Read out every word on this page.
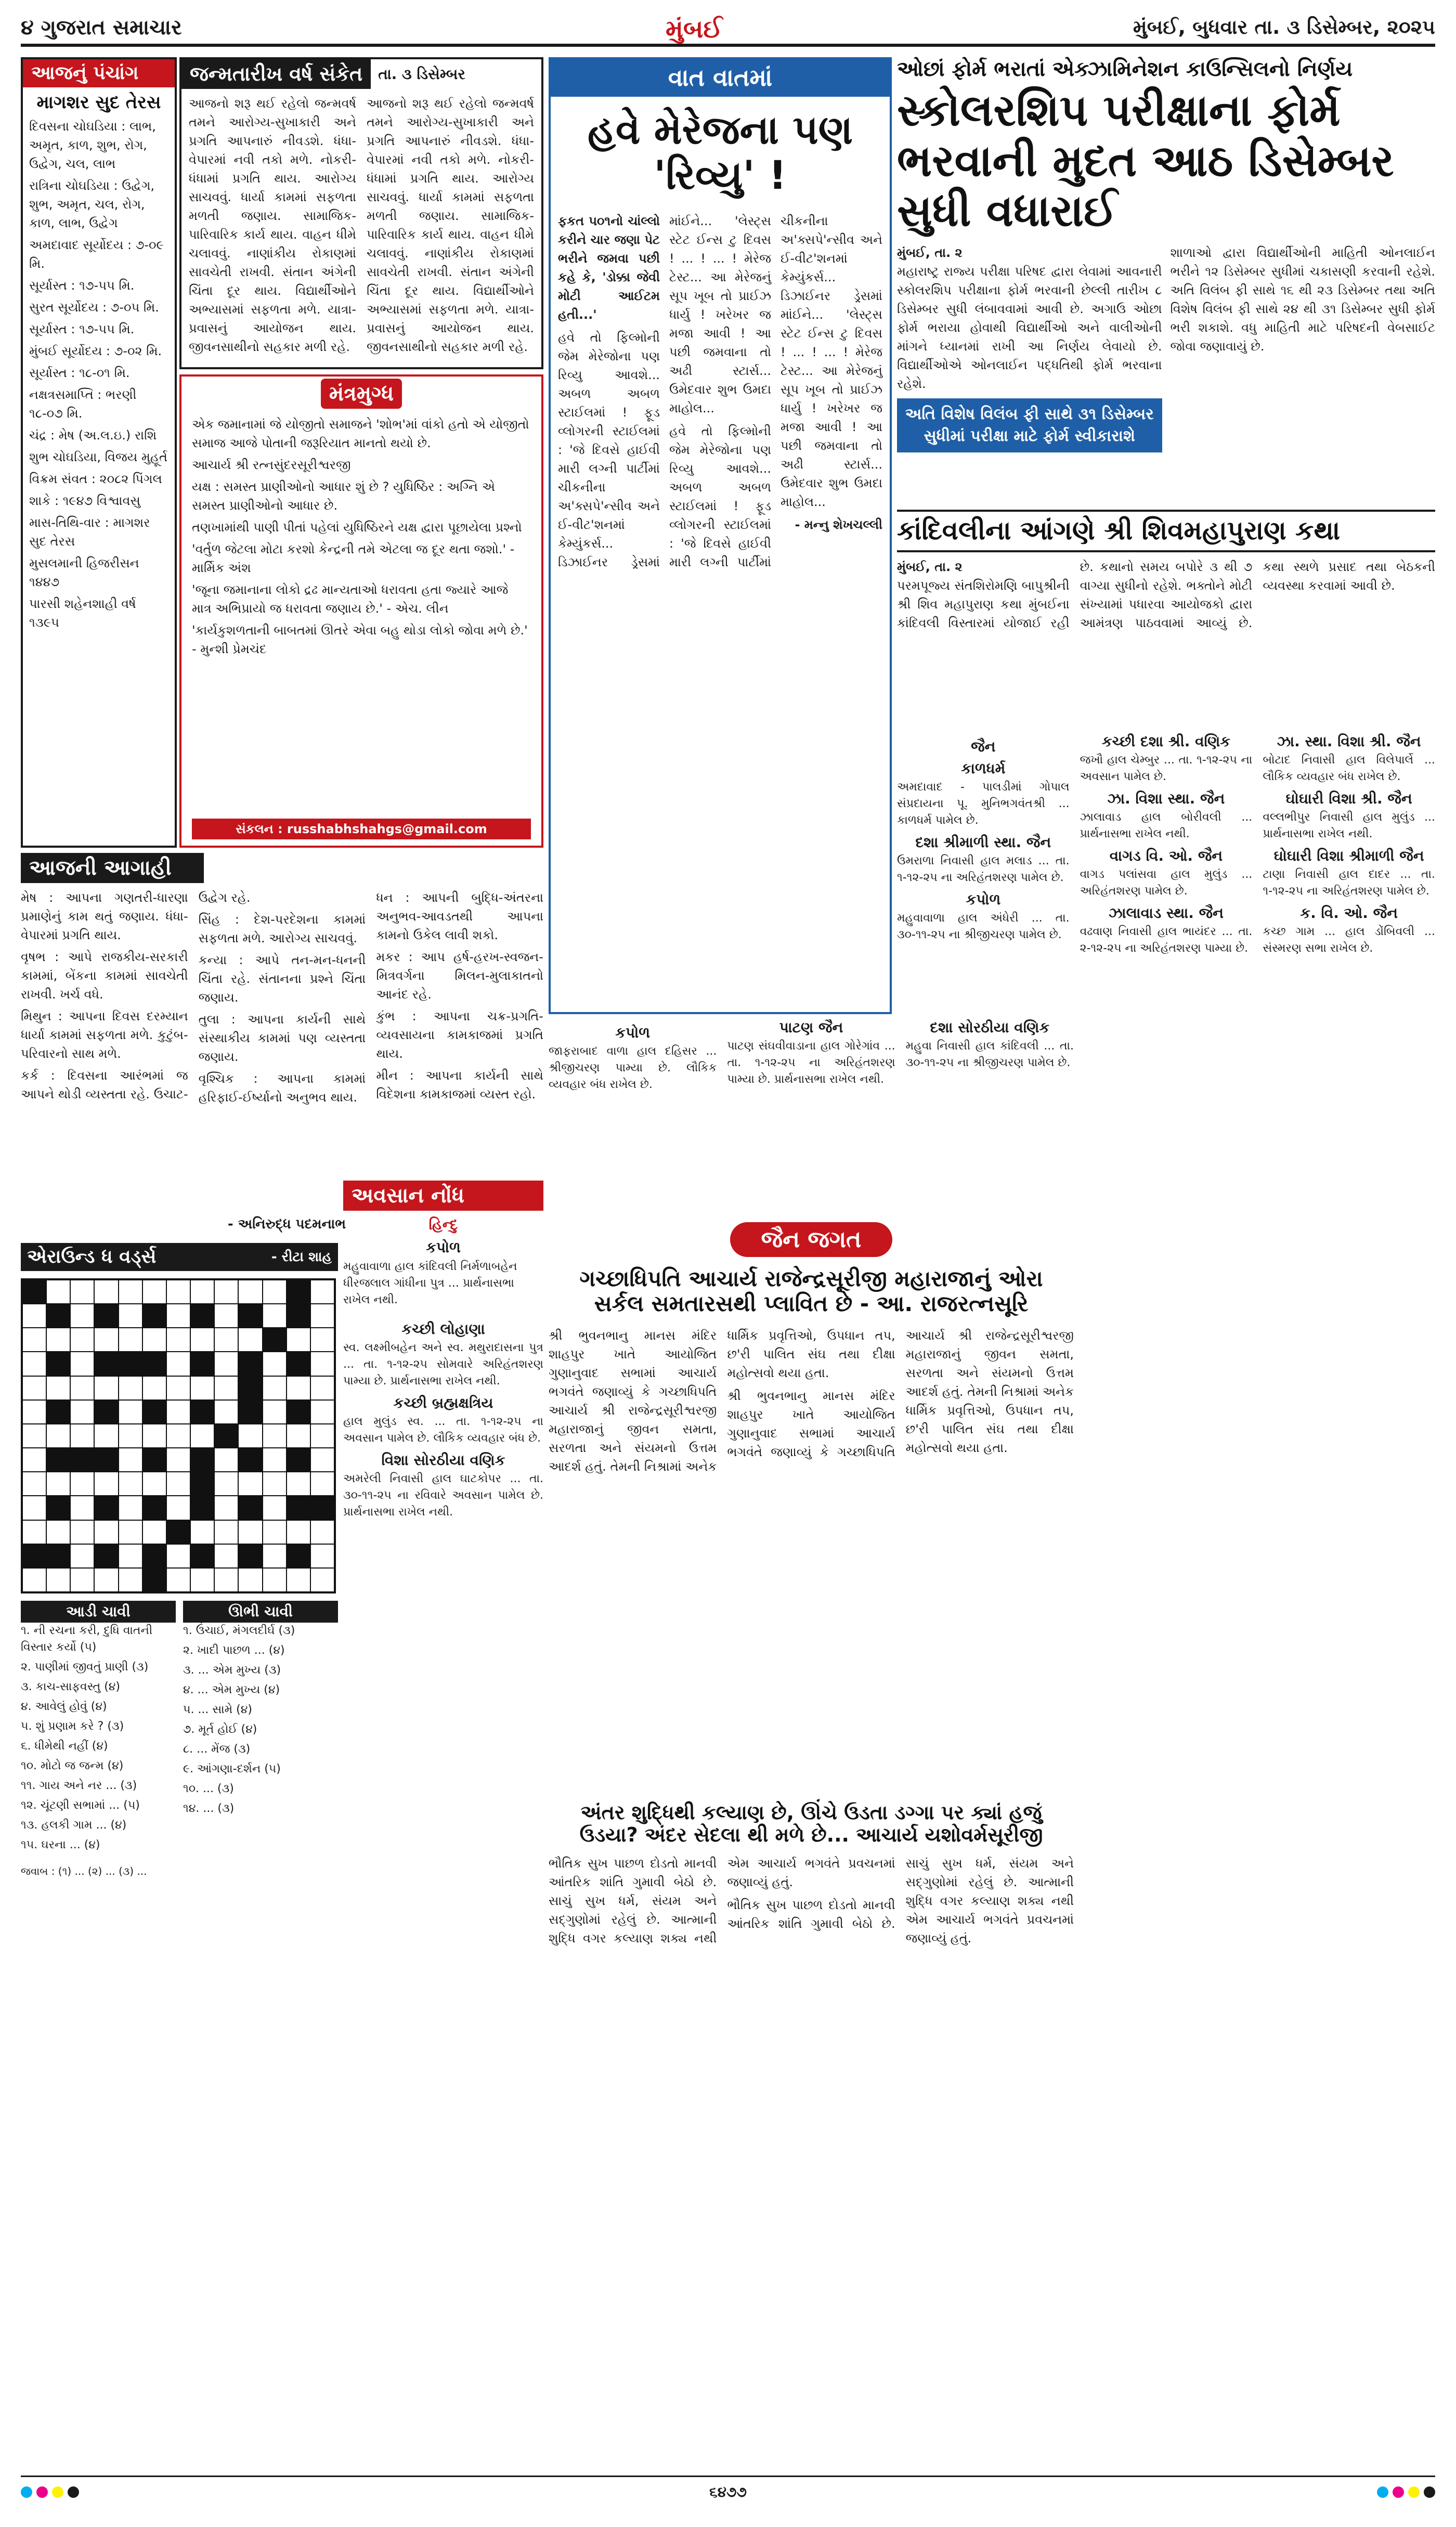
૪ ગુજરાત સમાચાર	મુંબઈ	મુંબઈ, બુધવાર તા. ૩ ડિસેમ્બર, ૨૦૨૫
આજનું પંચાંગ
માગશર સુદ તેરસ
દિવસના ચોઘડિયા : લાભ, અમૃત, કાળ, શુભ, રોગ, ઉદ્વેગ, ચલ, લાભ
રાત્રિના ચોઘડિયા : ઉદ્વેગ, શુભ, અમૃત, ચલ, રોગ, કાળ, લાભ, ઉદ્વેગ
અમદાવાદ સૂર્યોદય : ૭-૦૯ મિ.
સૂર્યાસ્ત : ૧૭-૫૫ મિ.
સુરત સૂર્યોદય : ૭-૦૫ મિ.
સૂર્યાસ્ત : ૧૭-૫૫ મિ.
મુંબઈ સૂર્યોદય : ૭-૦૨ મિ.
સૂર્યાસ્ત : ૧૮-૦૧ મિ.
નક્ષત્રસમાપ્તિ : ભરણી ૧૮-૦૭ મિ.
ચંદ્ર : મેષ (અ.લ.ઇ.) રાશિ
શુભ ચોઘડિયા, વિજય મુહૂર્ત
વિક્રમ સંવત : ૨૦૮૨ પિંગલ
શાકે : ૧૯૪૭ વિશ્વાવસુ
માસ-તિથિ-વાર : માગશર સુદ તેરસ
મુસલમાની હિજરીસન ૧૪૪૭
પારસી શહેનશાહી વર્ષ ૧૩૯૫
જન્મતારીખ વર્ષ સંકેત	તા. ૩ ડિસેમ્બર

આજનો શરૂ થઈ રહેલો જન્મવર્ષ તમને આરોગ્ય-સુખાકારી અને પ્રગતિ આપનારું નીવડશે. ધંધા-વેપારમાં નવી તકો મળે. નોકરી-ધંધામાં પ્રગતિ થાય. આરોગ્ય સાચવવું. ધાર્યા કામમાં સફળતા મળતી જણાય. સામાજિક-પારિવારિક કાર્ય થાય. વાહન ધીમે ચલાવવું. નાણાંકીય રોકાણમાં સાવચેતી રાખવી. સંતાન અંગેની ચિંતા દૂર થાય. વિદ્યાર્થીઓને અભ્યાસમાં સફળતા મળે. યાત્રા-પ્રવાસનું આયોજન થાય. જીવનસાથીનો સહકાર મળી રહે.

આજનો શરૂ થઈ રહેલો જન્મવર્ષ તમને આરોગ્ય-સુખાકારી અને પ્રગતિ આપનારું નીવડશે. ધંધા-વેપારમાં નવી તકો મળે. નોકરી-ધંધામાં પ્રગતિ થાય. આરોગ્ય સાચવવું. ધાર્યા કામમાં સફળતા મળતી જણાય. સામાજિક-પારિવારિક કાર્ય થાય. વાહન ધીમે ચલાવવું. નાણાંકીય રોકાણમાં સાવચેતી રાખવી. સંતાન અંગેની ચિંતા દૂર થાય. વિદ્યાર્થીઓને અભ્યાસમાં સફળતા મળે. યાત્રા-પ્રવાસનું આયોજન થાય. જીવનસાથીનો સહકાર મળી રહે.

મંત્રમુગ્ધ
એક જમાનામાં જે યોજીતો સમાજને 'શોભ'માં વાંકો હતો એ યોજીતો સમાજ આજે પોતાની જરૂરિયાત માનતો થયો છે.
આચાર્ય શ્રી રત્નસુંદરસૂરીશ્વરજી
યક્ષ : સમસ્ત પ્રાણીઓનો આધાર શું છે ? યુધિષ્ઠિર : અગ્નિ એ સમસ્ત પ્રાણીઓનો આધાર છે.
તણખામાંથી પાણી પીતાં પહેલાં યુધિષ્ઠિરને યક્ષ દ્વારા પૂછાયેલા પ્રશ્નો
'વર્તુળ જેટલા મોટા કરશો કેન્દ્રની તમે એટલા જ દૂર થતા જશો.' - માર્મિક અંશ
'જૂના જમાનાના લોકો દ્રઢ માન્યતાઓ ધરાવતા હતા જ્યારે આજે માત્ર અભિપ્રાયો જ ધરાવતા જણાય છે.' - એચ. લીન
'કાર્યકુશળતાની બાબતમાં ઊતરે એવા બહુ થોડા લોકો જોવા મળે છે.' - મુન્શી પ્રેમચંદ
સંકલન : russhabhshahgs@gmail.com
આજની આગાહી
મેષ : આપના ગણતરી-ધારણા પ્રમાણેનું કામ થતું જણાય. ધંધા-વેપારમાં પ્રગતિ થાય.
વૃષભ : આપે રાજકીય-સરકારી કામમાં, બેંકના કામમાં સાવચેતી રાખવી. ખર્ચ વધે.
મિથુન : આપના દિવસ દરમ્યાન ધાર્યા કામમાં સફળતા મળે. કુટુંબ-પરિવારનો સાથ મળે.
કર્ક : દિવસના આરંભમાં જ આપને થોડી વ્યસ્તતા રહે. ઉચાટ-ઉદ્વેગ રહે.
સિંહ : દેશ-પરદેશના કામમાં સફળતા મળે. આરોગ્ય સાચવવું.
કન્યા : આપે તન-મન-ધનની ચિંતા રહે. સંતાનના પ્રશ્ને ચિંતા જણાય.
તુલા : આપના કાર્યની સાથે સંસ્થાકીય કામમાં પણ વ્યસ્તતા જણાય.
વૃશ્ચિક : આપના કામમાં હરિફાઈ-ઈર્ષ્યાનો અનુભવ થાય.
ધન : આપની બુદ્ધિ-અંતરના અનુભવ-આવડતથી આપના કામનો ઉકેલ લાવી શકો.
મકર : આપ હર્ષ-હરખ-સ્વજન-મિત્રવર્ગના મિલન-મુલાકાતનો આનંદ રહે.
કુંભ : આપના ચક્ર-પ્રગતિ-વ્યવસાયના કામકાજમાં પ્રગતિ થાય.
મીન : આપના કાર્યની સાથે વિદેશના કામકાજમાં વ્યસ્ત રહો.
- અનિરુદ્ધ પદમનાભ
અવસાન નોંધ
હિન્દુ
કપોળ
મહુવાવાળા હાલ કાંદિવલી નિર્મળાબહેન ધીરજલાલ ગાંધીના પુત્ર ... પ્રાર્થનાસભા રાખેલ નથી.
એરાઉન્ડ ધ વર્ડ્સ	- રીટા શાહ
આડી ચાવી
૧. ની રચના કરી, દુધિ વાતની વિસ્તાર કર્યો (૫)
૨. પાણીમાં જીવતું પ્રાણી (૩)
૩. કાચ-સાફવસ્તુ (૪)
૪. આવેલું હોવું (૪)
૫. શું પ્રણામ કરે ? (૩)
૬. ધીમેથી નહીં (૪)
૧૦. મોટો જ જન્મ (૪)
૧૧. ગાય અને નર ... (૩)
૧૨. ચૂંટણી સભામાં ... (૫)
૧૩. હલકી ગામ ... (૪)
૧૫. ઘરના ... (૪)
ઊભી ચાવી
૧. ઉંચાઈ, મંગલદીર્ઘ (૩)
૨. ખાદી પાછળ ... (૪)
૩. ... એમ મુખ્ય (૩)
૪. ... એમ મુખ્ય (૪)
૫. ... સામે (૪)
૭. મૂર્ત હોઈ (૪)
૮. ... મેંજ (૩)
૯. આંગણા-દર્શન (૫)
૧૦. ... (૩)
૧૪. ... (૩)
જવાબ : (૧) ... (૨) ... (૩) ...
કચ્છી લોહાણા

સ્વ. લક્ષ્મીબહેન અને સ્વ. મથુરાદાસના પુત્ર ... તા. ૧-૧૨-૨૫ સોમવારે અરિહંતશરણ પામ્યા છે. પ્રાર્થનાસભા રાખેલ નથી.

કચ્છી બ્રહ્મક્ષત્રિય

હાલ મુલુંડ સ્વ. ... તા. ૧-૧૨-૨૫ ના અવસાન પામેલ છે. લૌકિક વ્યવહાર બંધ છે.

વિશા સોરઠીયા વણિક

અમરેલી નિવાસી હાલ ઘાટકોપર ... તા. ૩૦-૧૧-૨૫ ના રવિવારે અવસાન પામેલ છે. પ્રાર્થનાસભા રાખેલ નથી.

વાત વાતમાં
હવે મેરેજના પણ 'રિવ્યુ' !

ફકત ૫૦૧નો ચાંલ્લો કરીને ચાર જણા પેટ ભરીને જમવા પછી કહે કે, 'ડોક્કા જેવી મોટી આઈટમ હતી...'

હવે તો ફિલ્મોની જેમ મેરેજોના પણ રિવ્યુ આવશે... અબળ અબળ સ્ટાઈલમાં ! ફૂડ વ્લોગરની સ્ટાઈલમાં : 'જે દિવસે હાઈવી મારી લગ્ની પાર્ટીમાં ચીકનીના અ'ક્સપે'ન્સીવ અને ઈ-વીટ'શનમાં કેમ્યુંકર્સ... ડિઝાઈનર ડ્રેસમાં માંઈને... 'લેસ્ટ્સ સ્ટેટ ઈન્સ ટુ દિવસ ! ... ! ... ! મેરેજ ટેસ્ટ... આ મેરેજનું સૂપ ખૂબ તો પ્રાઈઝ ધાર્યુ ! ખરેખર જ મજા આવી ! આ પછી જમવાના તો અઢી સ્ટાર્સ... ઉમેદવાર શુભ ઉમદા માહોલ...

હવે તો ફિલ્મોની જેમ મેરેજોના પણ રિવ્યુ આવશે... અબળ અબળ સ્ટાઈલમાં ! ફૂડ વ્લોગરની સ્ટાઈલમાં : 'જે દિવસે હાઈવી મારી લગ્ની પાર્ટીમાં ચીકનીના અ'ક્સપે'ન્સીવ અને ઈ-વીટ'શનમાં કેમ્યુંકર્સ... ડિઝાઈનર ડ્રેસમાં માંઈને... 'લેસ્ટ્સ સ્ટેટ ઈન્સ ટુ દિવસ ! ... ! ... ! મેરેજ ટેસ્ટ... આ મેરેજનું સૂપ ખૂબ તો પ્રાઈઝ ધાર્યુ ! ખરેખર જ મજા આવી ! આ પછી જમવાના તો અઢી સ્ટાર્સ... ઉમેદવાર શુભ ઉમદા માહોલ...

- મન્નુ શેખચલ્લી

જૈન જગત
ગચ્છાધિપતિ આચાર્ય રાજેન્દ્રસૂરીજી મહારાજાનું ઓરા સર્કલ સમતારસથી પ્લાવિત છે - આ. રાજરત્નસૂરિ

શ્રી ભુવનભાનુ માનસ મંદિર શાહપુર ખાતે આયોજિત ગુણાનુવાદ સભામાં આચાર્ય ભગવંતે જણાવ્યું કે ગચ્છાધિપતિ આચાર્ય શ્રી રાજેન્દ્રસૂરીશ્વરજી મહારાજાનું જીવન સમતા, સરળતા અને સંયમનો ઉત્તમ આદર્શ હતું. તેમની નિશ્રામાં અનેક ધાર્મિક પ્રવૃત્તિઓ, ઉપધાન તપ, છ'રી પાલિત સંઘ તથા દીક્ષા મહોત્સવો થયા હતા.

શ્રી ભુવનભાનુ માનસ મંદિર શાહપુર ખાતે આયોજિત ગુણાનુવાદ સભામાં આચાર્ય ભગવંતે જણાવ્યું કે ગચ્છાધિપતિ આચાર્ય શ્રી રાજેન્દ્રસૂરીશ્વરજી મહારાજાનું જીવન સમતા, સરળતા અને સંયમનો ઉત્તમ આદર્શ હતું. તેમની નિશ્રામાં અનેક ધાર્મિક પ્રવૃત્તિઓ, ઉપધાન તપ, છ'રી પાલિત સંઘ તથા દીક્ષા મહોત્સવો થયા હતા.

અંતર શુદ્ધિથી કલ્યાણ છે, ઊંચે ઉડતા ડગ્ગા પર ક્યાં હજું ઉડયા? અંદર સેદલા થી મળે છે... આચાર્ય યશોવર્મસૂરીજી

ભૌતિક સુખ પાછળ દોડતો માનવી આંતરિક શાંતિ ગુમાવી બેઠો છે. સાચું સુખ ધર્મ, સંયમ અને સદ્ગુણોમાં રહેલું છે. આત્માની શુદ્ધિ વગર કલ્યાણ શક્ય નથી એમ આચાર્ય ભગવંતે પ્રવચનમાં જણાવ્યું હતું.

ભૌતિક સુખ પાછળ દોડતો માનવી આંતરિક શાંતિ ગુમાવી બેઠો છે. સાચું સુખ ધર્મ, સંયમ અને સદ્ગુણોમાં રહેલું છે. આત્માની શુદ્ધિ વગર કલ્યાણ શક્ય નથી એમ આચાર્ય ભગવંતે પ્રવચનમાં જણાવ્યું હતું.

કપોળ

જાફરાબાદ વાળા હાલ દહિસર ... શ્રીજીચરણ પામ્યા છે. લૌકિક વ્યવહાર બંધ રાખેલ છે.

પાટણ જૈન

પાટણ સંઘવીવાડાના હાલ ગોરેગાંવ ... તા. ૧-૧૨-૨૫ ના અરિહંતશરણ પામ્યા છે. પ્રાર્થનાસભા રાખેલ નથી.

દશા સોરઠીયા વણિક

મહુવા નિવાસી હાલ કાંદિવલી ... તા. ૩૦-૧૧-૨૫ ના શ્રીજીચરણ પામેલ છે.

ઓછાં ફોર્મ ભરાતાં એક્ઝામિનેશન કાઉન્સિલનો નિર્ણય
સ્કોલરશિપ પરીક્ષાના ફોર્મ ભરવાની મુદત આઠ ડિસેમ્બર સુધી વધારાઈ

મુંબઈ, તા. ૨

મહારાષ્ટ્ર રાજ્ય પરીક્ષા પરિષદ દ્વારા લેવામાં આવનારી સ્કોલરશિપ પરીક્ષાના ફોર્મ ભરવાની છેલ્લી તારીખ ૮ ડિસેમ્બર સુધી લંબાવવામાં આવી છે. અગાઉ ઓછા ફોર્મ ભરાયા હોવાથી વિદ્યાર્થીઓ અને વાલીઓની માંગને ધ્યાનમાં રાખી આ નિર્ણય લેવાયો છે. વિદ્યાર્થીઓએ ઓનલાઈન પદ્ધતિથી ફોર્મ ભરવાના રહેશે.

અતિ વિશેષ વિલંબ ફી સાથે ૩૧ ડિસેમ્બર સુધીમાં પરીક્ષા માટે ફોર્મ સ્વીકારાશે

શાળાઓ દ્વારા વિદ્યાર્થીઓની માહિતી ઓનલાઈન ભરીને ૧૨ ડિસેમ્બર સુધીમાં ચકાસણી કરવાની રહેશે. અતિ વિલંબ ફી સાથે ૧૬ થી ૨૩ ડિસેમ્બર તથા અતિ વિશેષ વિલંબ ફી સાથે ૨૪ થી ૩૧ ડિસેમ્બર સુધી ફોર્મ ભરી શકાશે. વધુ માહિતી માટે પરિષદની વેબસાઈટ જોવા જણાવાયું છે.

કાંદિવલીના આંગણે શ્રી શિવમહાપુરાણ કથા

મુંબઈ, તા. ૨

પરમપૂજ્ય સંતશિરોમણિ બાપુશ્રીની શ્રી શિવ મહાપુરાણ કથા મુંબઈના કાંદિવલી વિસ્તારમાં યોજાઈ રહી છે. કથાનો સમય બપોરે ૩ થી ૭ વાગ્યા સુધીનો રહેશે. ભક્તોને મોટી સંખ્યામાં પધારવા આયોજકો દ્વારા આમંત્રણ પાઠવવામાં આવ્યું છે. કથા સ્થળે પ્રસાદ તથા બેઠકની વ્યવસ્થા કરવામાં આવી છે.

જૈન
કાળધર્મ

અમદાવાદ - પાલડીમાં ગોપાલ સંપ્રદાયના પૂ. મુનિભગવંતશ્રી ... કાળધર્મ પામેલ છે.

દશા શ્રીમાળી સ્થા. જૈન

ઉમરાળા નિવાસી હાલ મલાડ ... તા. ૧-૧૨-૨૫ ના અરિહંતશરણ પામેલ છે.

કપોળ

મહુવાવાળા હાલ અંધેરી ... તા. ૩૦-૧૧-૨૫ ના શ્રીજીચરણ પામેલ છે.

કચ્છી દશા શ્રી. વણિક

જખૌ હાલ ચેમ્બુર ... તા. ૧-૧૨-૨૫ ના અવસાન પામેલ છે.

ઝા. વિશા સ્થા. જૈન

ઝાલાવાડ હાલ બોરીવલી ... પ્રાર્થનાસભા રાખેલ નથી.

વાગડ વિ. ઓ. જૈન

વાગડ પલાંસવા હાલ મુલુંડ ... અરિહંતશરણ પામેલ છે.

ઝાલાવાડ સ્થા. જૈન

વઢવાણ નિવાસી હાલ ભાયંદર ... તા. ૨-૧૨-૨૫ ના અરિહંતશરણ પામ્યા છે.

ઝા. સ્થા. વિશા શ્રી. જૈન

બોટાદ નિવાસી હાલ વિલેપાર્લે ... લૌકિક વ્યવહાર બંધ રાખેલ છે.

ઘોઘારી વિશા શ્રી. જૈન

વલ્લભીપુર નિવાસી હાલ મુલુંડ ... પ્રાર્થનાસભા રાખેલ નથી.

ઘોઘારી વિશા શ્રીમાળી જૈન

ટાણા નિવાસી હાલ દાદર ... તા. ૧-૧૨-૨૫ ના અરિહંતશરણ પામેલ છે.

ક. વિ. ઓ. જૈન

કચ્છ ગામ ... હાલ ડોંબિવલી ... સંસ્મરણ સભા રાખેલ છે.

૬૪૭૭
